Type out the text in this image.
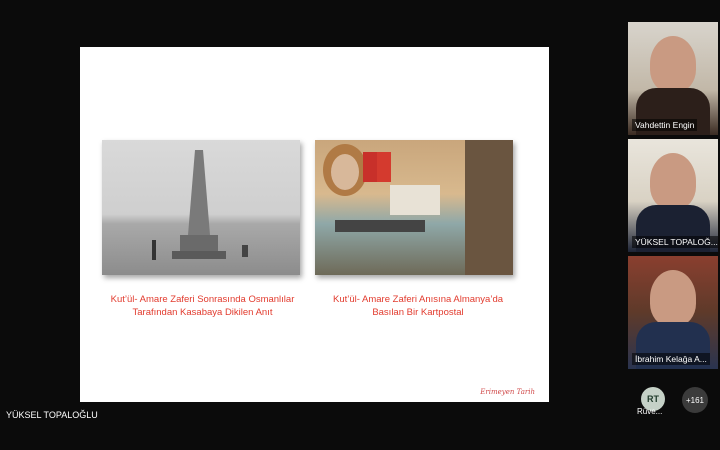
Kut’ül- Amare Zaferi Sonrasında Osmanlılar Tarafından Kasabaya Dikilen Anıt
Kut’ül- Amare Zaferi Anısına Almanya’da Basılan Bir Kartpostal
Erimeyen Tarih
Vahdettin Engin
YÜKSEL TOPALOĞ...
İbrahim Kelağa A...
YÜKSEL TOPALOĞLU
RT
Rüve...
+161
